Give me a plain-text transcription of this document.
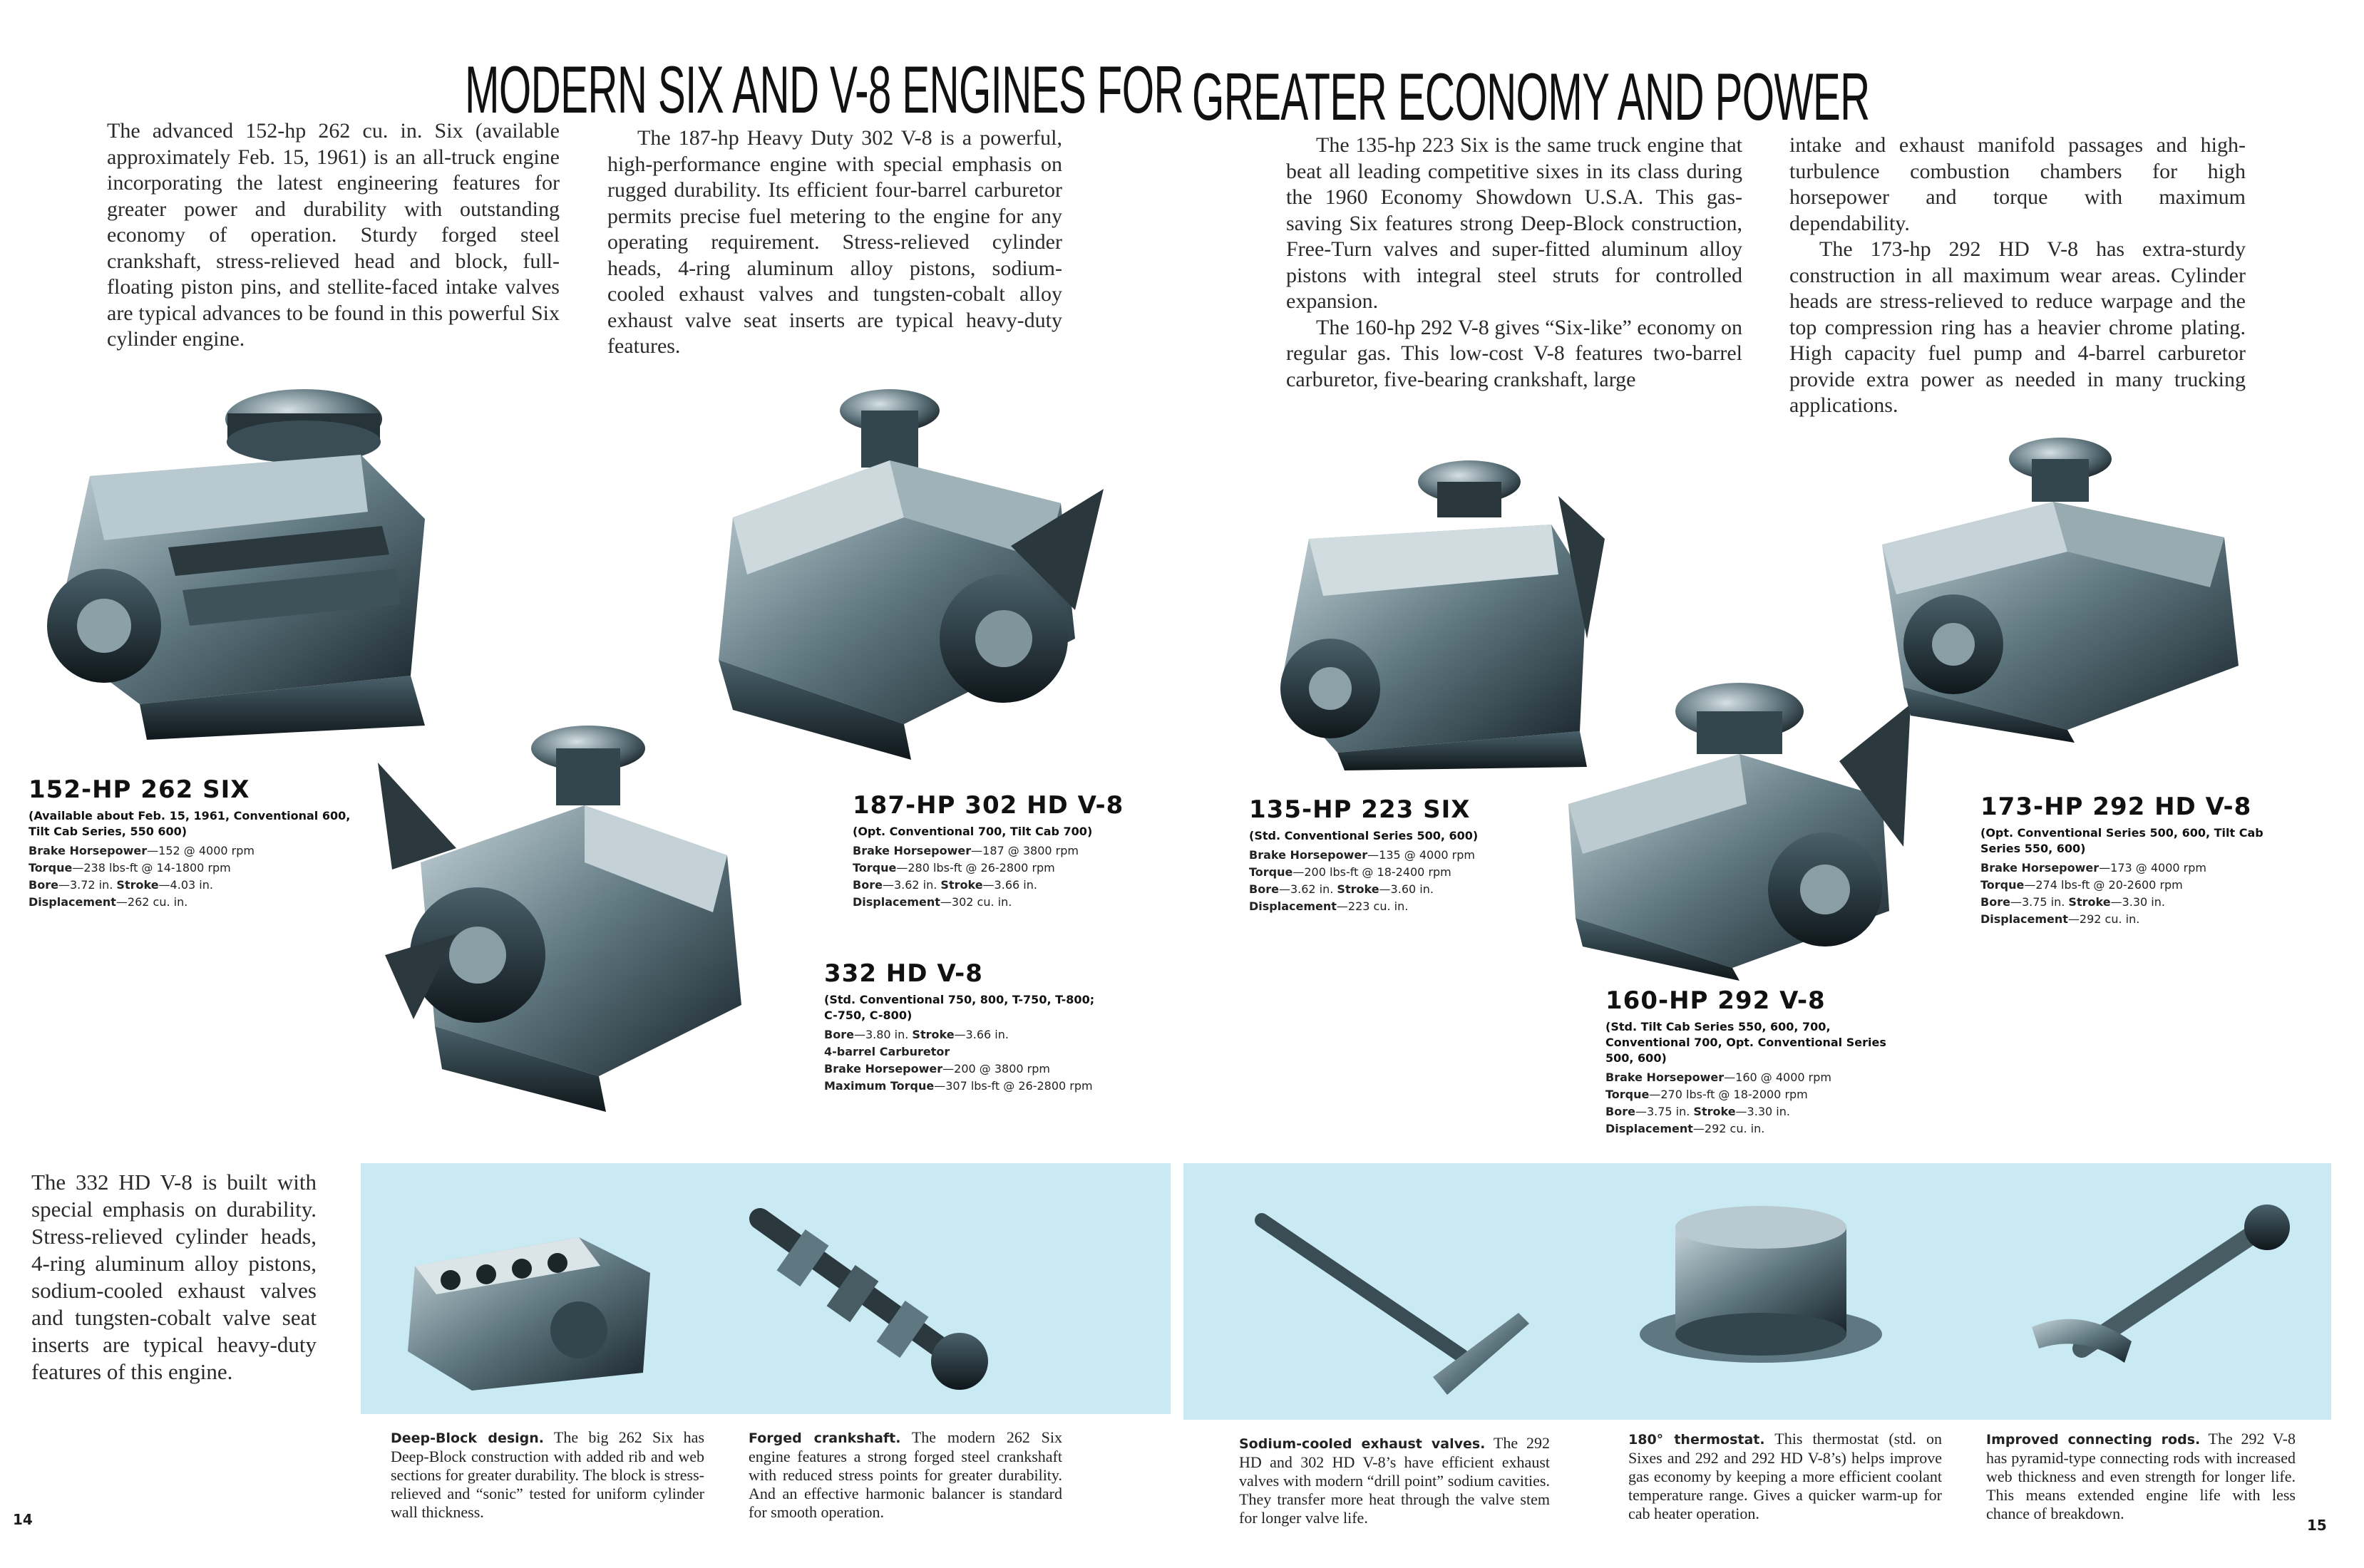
MODERN SIX AND V-8 ENGINES FOR GREATER ECONOMY AND POWER

The advanced 152-hp 262 cu. in. Six (available approximately Feb. 15, 1961) is an all-truck engine incorporating the latest engineering features for greater power and durability with outstanding economy of operation. Sturdy forged steel crankshaft, stress-relieved head and block, full-floating piston pins, and stellite-faced intake valves are typical advances to be found in this powerful Six cylinder engine.

The 187-hp Heavy Duty 302 V-8 is a powerful, high-performance engine with special emphasis on rugged durability. Its efficient four-barrel carburetor permits precise fuel metering to the engine for any operating requirement. Stress-relieved cylinder heads, 4-ring aluminum alloy pistons, sodium-cooled exhaust valves and tungsten-cobalt alloy exhaust valve seat inserts are typical heavy-duty features.

The 135-hp 223 Six is the same truck engine that beat all leading competitive sixes in its class during the 1960 Economy Showdown U.S.A. This gas-saving Six features strong Deep-Block construction, Free-Turn valves and super-fitted aluminum alloy pistons with integral steel struts for controlled expansion.

The 160-hp 292 V-8 gives “Six-like” economy on regular gas. This low-cost V-8 features two-barrel carburetor, five-bearing crankshaft, large

intake and exhaust manifold passages and high-turbulence combustion chambers for high horsepower and torque with maximum dependability.

The 173-hp 292 HD V-8 has extra-sturdy construction in all maximum wear areas. Cylinder heads are stress-relieved to reduce warpage and the top compression ring has a heavier chrome plating. High capacity fuel pump and 4-barrel carburetor provide extra power as needed in many trucking applications.

152-HP 262 SIX
(Available about Feb. 15, 1961, Conventional 600, Tilt Cab Series, 550 600)

Brake Horsepower—152 @ 4000 rpm

Torque—238 lbs-ft @ 14-1800 rpm

Bore—3.72 in. Stroke—4.03 in.

Displacement—262 cu. in.

187-HP 302 HD V-8
(Opt. Conventional 700, Tilt Cab 700)

Brake Horsepower—187 @ 3800 rpm

Torque—280 lbs-ft @ 26-2800 rpm

Bore—3.62 in. Stroke—3.66 in.

Displacement—302 cu. in.

332 HD V-8
(Std. Conventional 750, 800, T-750, T-800; C-750, C-800)

Bore—3.80 in. Stroke—3.66 in.

4-barrel Carburetor

Brake Horsepower—200 @ 3800 rpm

Maximum Torque—307 lbs-ft @ 26-2800 rpm

135-HP 223 SIX
(Std. Conventional Series 500, 600)

Brake Horsepower—135 @ 4000 rpm

Torque—200 lbs-ft @ 18-2400 rpm

Bore—3.62 in. Stroke—3.60 in.

Displacement—223 cu. in.

160-HP 292 V-8
(Std. Tilt Cab Series 550, 600, 700, Conventional 700, Opt. Conventional Series 500, 600)

Brake Horsepower—160 @ 4000 rpm

Torque—270 lbs-ft @ 18-2000 rpm

Bore—3.75 in. Stroke—3.30 in.

Displacement—292 cu. in.

173-HP 292 HD V-8
(Opt. Conventional Series 500, 600, Tilt Cab Series 550, 600)

Brake Horsepower—173 @ 4000 rpm

Torque—274 lbs-ft @ 20-2600 rpm

Bore—3.75 in. Stroke—3.30 in.

Displacement—292 cu. in.

The 332 HD V-8 is built with special emphasis on durability. Stress-relieved cylinder heads, 4-ring aluminum alloy pistons, sodium-cooled exhaust valves and tungsten-cobalt valve seat inserts are typical heavy-duty features of this engine.

Deep-Block design. The big 262 Six has Deep-Block construction with added rib and web sections for greater durability. The block is stress-relieved and “sonic” tested for uniform cylinder wall thickness.

Forged crankshaft. The modern 262 Six engine features a strong forged steel crankshaft with reduced stress points for greater durability. And an effective harmonic balancer is standard for smooth operation.

Sodium-cooled exhaust valves. The 292 HD and 302 HD V-8’s have efficient exhaust valves with modern “drill point” sodium cavities. They transfer more heat through the valve stem for longer valve life.

180° thermostat. This thermostat (std. on Sixes and 292 and 292 HD V-8’s) helps improve gas economy by keeping a more efficient coolant temperature range. Gives a quicker warm-up for cab heater operation.

Improved connecting rods. The 292 V-8 has pyramid-type connecting rods with increased web thickness and even strength for longer life. This means extended engine life with less chance of breakdown.

14	15
